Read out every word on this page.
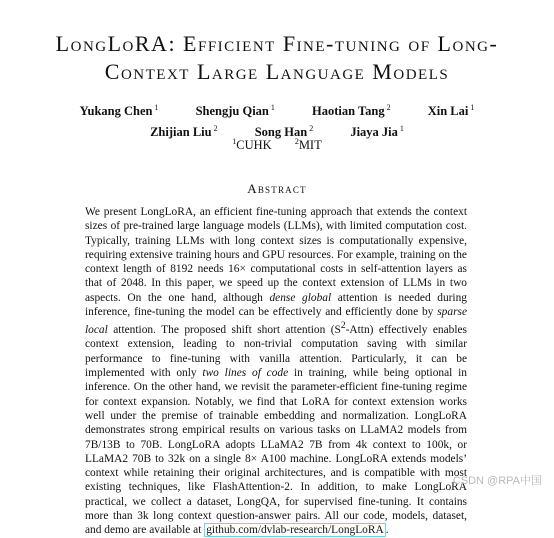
LongLoRA: Efficient Fine-tuning of Long-
Context Large Language Models
Yukang Chen $^1$	Shengju Qian $^1$	Haotian Tang $^2$	Xin Lai $^1$
Zhijian Liu $^2$	Song Han $^2$	Jiaya Jia $^1$
$^1$CUHK	$^2$MIT
Abstract

We present LongLoRA, an efficient fine-tuning approach that extends the context sizes of pre-trained large language models (LLMs), with limited computation cost. Typically, training LLMs with long context sizes is computationally expensive, requiring extensive training hours and GPU resources. For example, training on the context length of 8192 needs 16× computational costs in self-attention layers as that of 2048. In this paper, we speed up the context extension of LLMs in two aspects. On the one hand, although dense global attention is needed during inference, fine-tuning the model can be effectively and efficiently done by sparse local attention. The proposed shift short attention $(S^2-Attn)$ effectively enables context extension, leading to non-trivial computation saving with similar performance to fine-tuning with vanilla attention. Particularly, it can be implemented with only two lines of code in training, while being optional in inference. On the other hand, we revisit the parameter-efficient fine-tuning regime for context expansion. Notably, we find that LoRA for context extension works well under the premise of trainable embedding and normalization. LongLoRA demonstrates strong empirical results on various tasks on LLaMA2 models from 7B/13B to 70B. LongLoRA adopts LLaMA2 7B from 4k context to 100k, or LLaMA2 70B to 32k on a single 8× A100 machine. LongLoRA extends models’ context while retaining their original architectures, and is compatible with most existing techniques, like FlashAttention-2. In addition, to make LongLoRA practical, we collect a dataset, LongQA, for supervised fine-tuning. It contains more than 3k long context question-answer pairs. All our code, models, dataset, and demo are available at github.com/dvlab-research/LongLoRA .

CSDN @RPA中国
